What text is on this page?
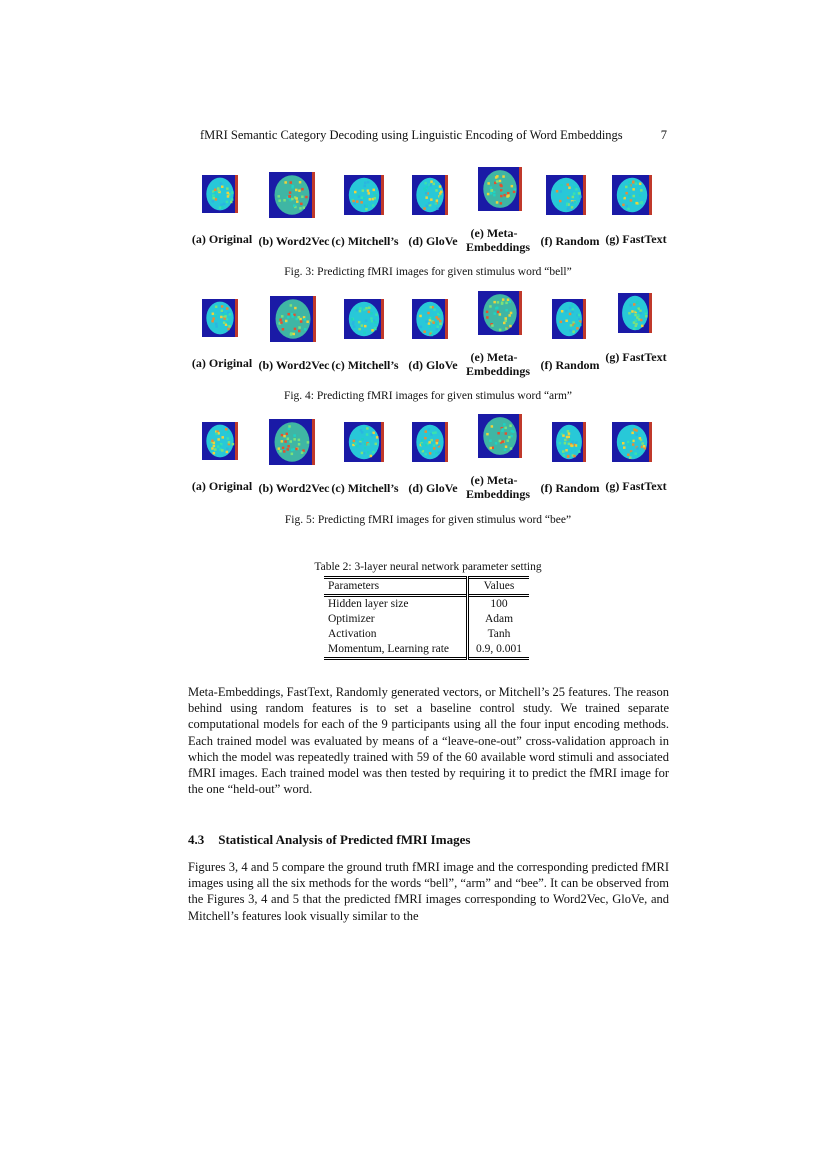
fMRI Semantic Category Decoding using Linguistic Encoding of Word Embeddings	7
(a) Original (b) Word2Vec (c) Mitchell’s (d) GloVe
(e) Meta-
Embeddings (f) Random (g) FastText
Fig. 3: Predicting fMRI images for given stimulus word “bell”
(a) Original (b) Word2Vec (c) Mitchell’s (d) GloVe
(e) Meta-
Embeddings (f) Random
(g) FastText
Fig. 4: Predicting fMRI images for given stimulus word “arm”
(a) Original (b) Word2Vec (c) Mitchell’s (d) GloVe
(e) Meta-
Embeddings (f) Random (g) FastText
Fig. 5: Predicting fMRI images for given stimulus word “bee”
Table 2: 3-layer neural network parameter setting
Parameters	Values
Hidden layer size	100
Optimizer	Adam
Activation	Tanh
Momentum, Learning rate	0.9, 0.001

Meta-Embeddings, FastText, Randomly generated vectors, or Mitchell’s 25 features. The reason behind using random features is to set a baseline control study. We trained separate computational models for each of the 9 participants using all the four input encoding methods. Each trained model was evaluated by means of a “leave-one-out” cross-validation approach in which the model was repeatedly trained with 59 of the 60 available word stimuli and associated fMRI images. Each trained model was then tested by requiring it to predict the fMRI image for the one “held-out” word.

4.3 Statistical Analysis of Predicted fMRI Images

Figures 3, 4 and 5 compare the ground truth fMRI image and the corresponding predicted fMRI images using all the six methods for the words “bell”, “arm” and “bee”. It can be observed from the Figures 3, 4 and 5 that the predicted fMRI images corresponding to Word2Vec, GloVe, and Mitchell’s features look visually similar to the
